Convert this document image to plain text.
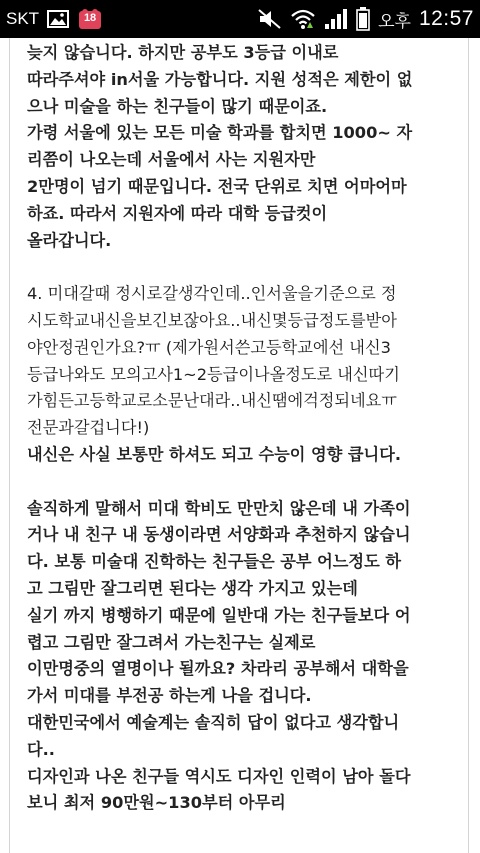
SKT	18	오후 12:57
늦지 않습니다. 하지만 공부도 3등급 이내로
따라주셔야 in서울 가능합니다. 지원 성적은 제한이 없
으나 미술을 하는 친구들이 많기 때문이죠.
가령 서울에 있는 모든 미술 학과를 합치면 1000~ 자
리쯤이 나오는데 서울에서 사는 지원자만
2만명이 넘기 때문입니다. 전국 단위로 치면 어마어마
하죠. 따라서 지원자에 따라 대학 등급컷이
올라갑니다.
4. 미대갈때 정시로갈생각인데..인서울을기준으로 정
시도학교내신을보긴보잖아요..내신몇등급정도를받아
야안정권인가요?ㅠ (제가원서쓴고등학교에선 내신3
등급나와도 모의고사1~2등급이나올정도로 내신따기
가힘든고등학교로소문난대라..내신땜에걱정되네요ㅠ
전문과갈겁니다!)
내신은 사실 보통만 하셔도 되고 수능이 영향 큽니다.
솔직하게 말해서 미대 학비도 만만치 않은데 내 가족이
거나 내 친구 내 동생이라면 서양화과 추천하지 않습니
다. 보통 미술대 진학하는 친구들은 공부 어느정도 하
고 그림만 잘그리면 된다는 생각 가지고 있는데
실기 까지 병행하기 때문에 일반대 가는 친구들보다 어
렵고 그림만 잘그려서 가는친구는 실제로
이만명중의 열명이나 될까요? 차라리 공부해서 대학을
가서 미대를 부전공 하는게 나을 겁니다.
대한민국에서 예술계는 솔직히 답이 없다고 생각합니
다..
디자인과 나온 친구들 역시도 디자인 인력이 남아 돌다
보니 최저 90만원~130부터 아무리
